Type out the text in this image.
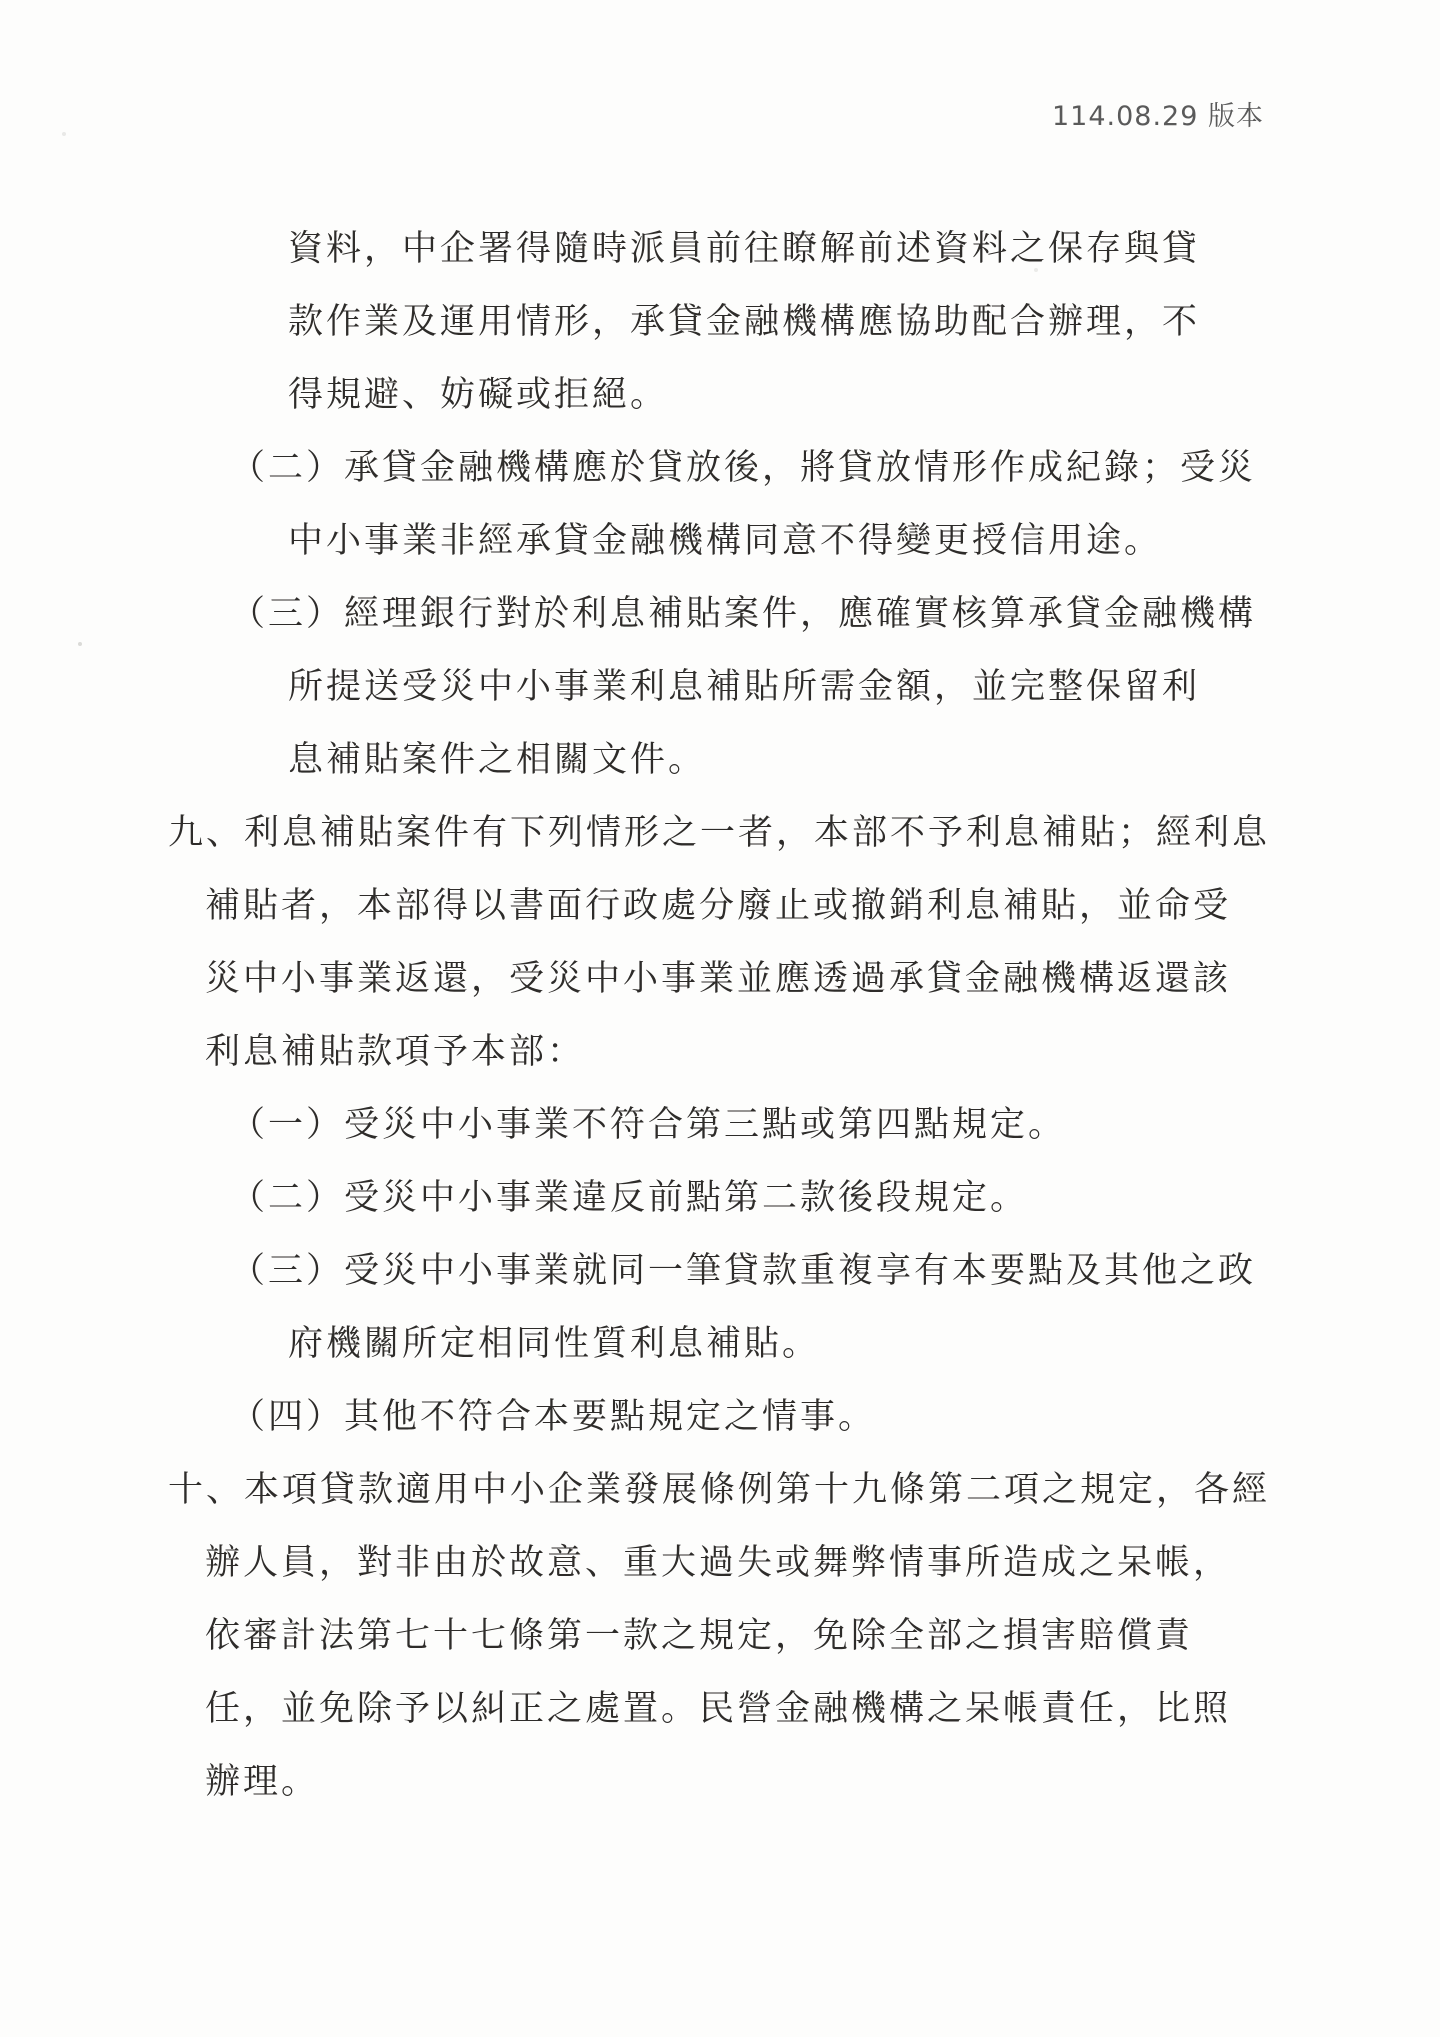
114.08.29 版本
資料，中企署得隨時派員前往瞭解前述資料之保存與貸
款作業及運用情形，承貸金融機構應協助配合辦理，不
得規避、妨礙或拒絕。
（二）承貸金融機構應於貸放後，將貸放情形作成紀錄；受災
中小事業非經承貸金融機構同意不得變更授信用途。
（三）經理銀行對於利息補貼案件，應確實核算承貸金融機構
所提送受災中小事業利息補貼所需金額，並完整保留利
息補貼案件之相關文件。
九、利息補貼案件有下列情形之一者，本部不予利息補貼；經利息
補貼者，本部得以書面行政處分廢止或撤銷利息補貼，並命受
災中小事業返還，受災中小事業並應透過承貸金融機構返還該
利息補貼款項予本部：
（一）受災中小事業不符合第三點或第四點規定。
（二）受災中小事業違反前點第二款後段規定。
（三）受災中小事業就同一筆貸款重複享有本要點及其他之政
府機關所定相同性質利息補貼。
（四）其他不符合本要點規定之情事。
十、本項貸款適用中小企業發展條例第十九條第二項之規定，各經
辦人員，對非由於故意、重大過失或舞弊情事所造成之呆帳，
依審計法第七十七條第一款之規定，免除全部之損害賠償責
任，並免除予以糾正之處置。民營金融機構之呆帳責任，比照
辦理。
